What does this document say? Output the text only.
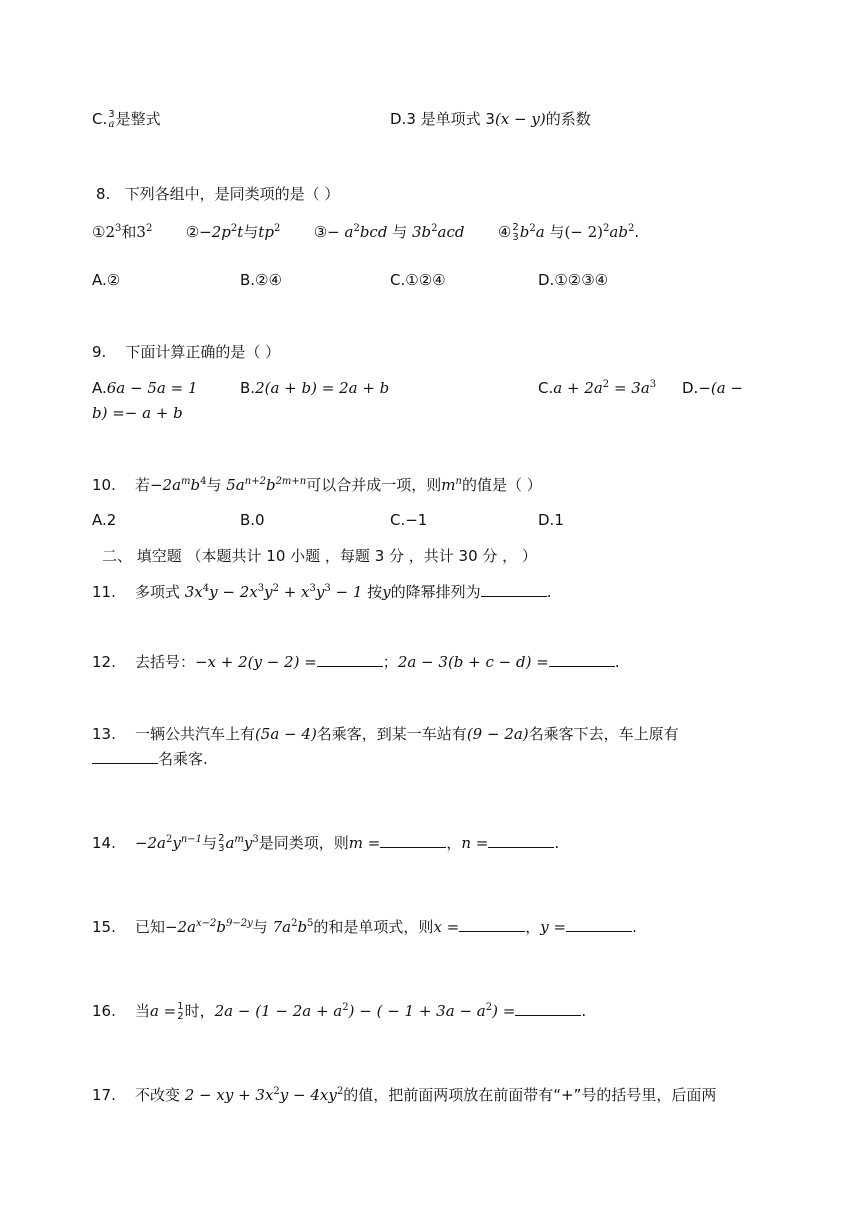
C. 3
a 是整式	D.3 是单项式 3(x − y)的系数
8. 下列各组中，是同类项的是（ ）
$①2^3$和$3^2$ $②-2p^2t$与$tp^2$ ③− $a^2bcd$ 与 $3b^2acd$ ④ 2
3 $b^2a$ 与(− $2)^2ab^2$.
A.②	B.②④	C.①②④	D.①②③④
9. 下面计算正确的是（ ）
A.6a − 5a = 1	B.2(a + b) = 2a + b	$C.a + 2a^2 = 3a^3$ D.−(a −
b) =− a + b
10. 若$-2a^mb^4$与 $5a^{n+2}b^{2m+n}$可以合并成一项，则$m^n$的值是（ ）
A.2	B.0	C.−1	D.1
二、 填空题 （本题共计 10 小题 ，每题 3 分 ，共计 30 分 ， ）
11. 多项式 $3x^4y - 2x^3y^2 + x^3y^3 - 1$ 按y的降幂排列为	.
12. 去括号：−x + 2(y − 2) =	；2a − 3(b + c − d) =	.
13. 一辆公共汽车上有(5a − 4)名乘客，到某一车站有(9 − 2a)名乘客下去，车上原有
名乘客.
14. $-2a^2y^{n-1}$与 2
3 $a^my^3$是同类项，则m =	，n =	.
15. 已知$-2a^{x-2}b^{9-2y}$与 $7a^2b^5$的和是单项式，则x =	，y =	.
16. 当a = 1
2 时，$2a - (1 - 2a + a^2)$ − ( − $1 + 3a - a^2$) =	.
17. 不改变 2 − xy + $3x^2y - 4xy^2$的值，把前面两项放在前面带有“+”号的括号里，后面两
